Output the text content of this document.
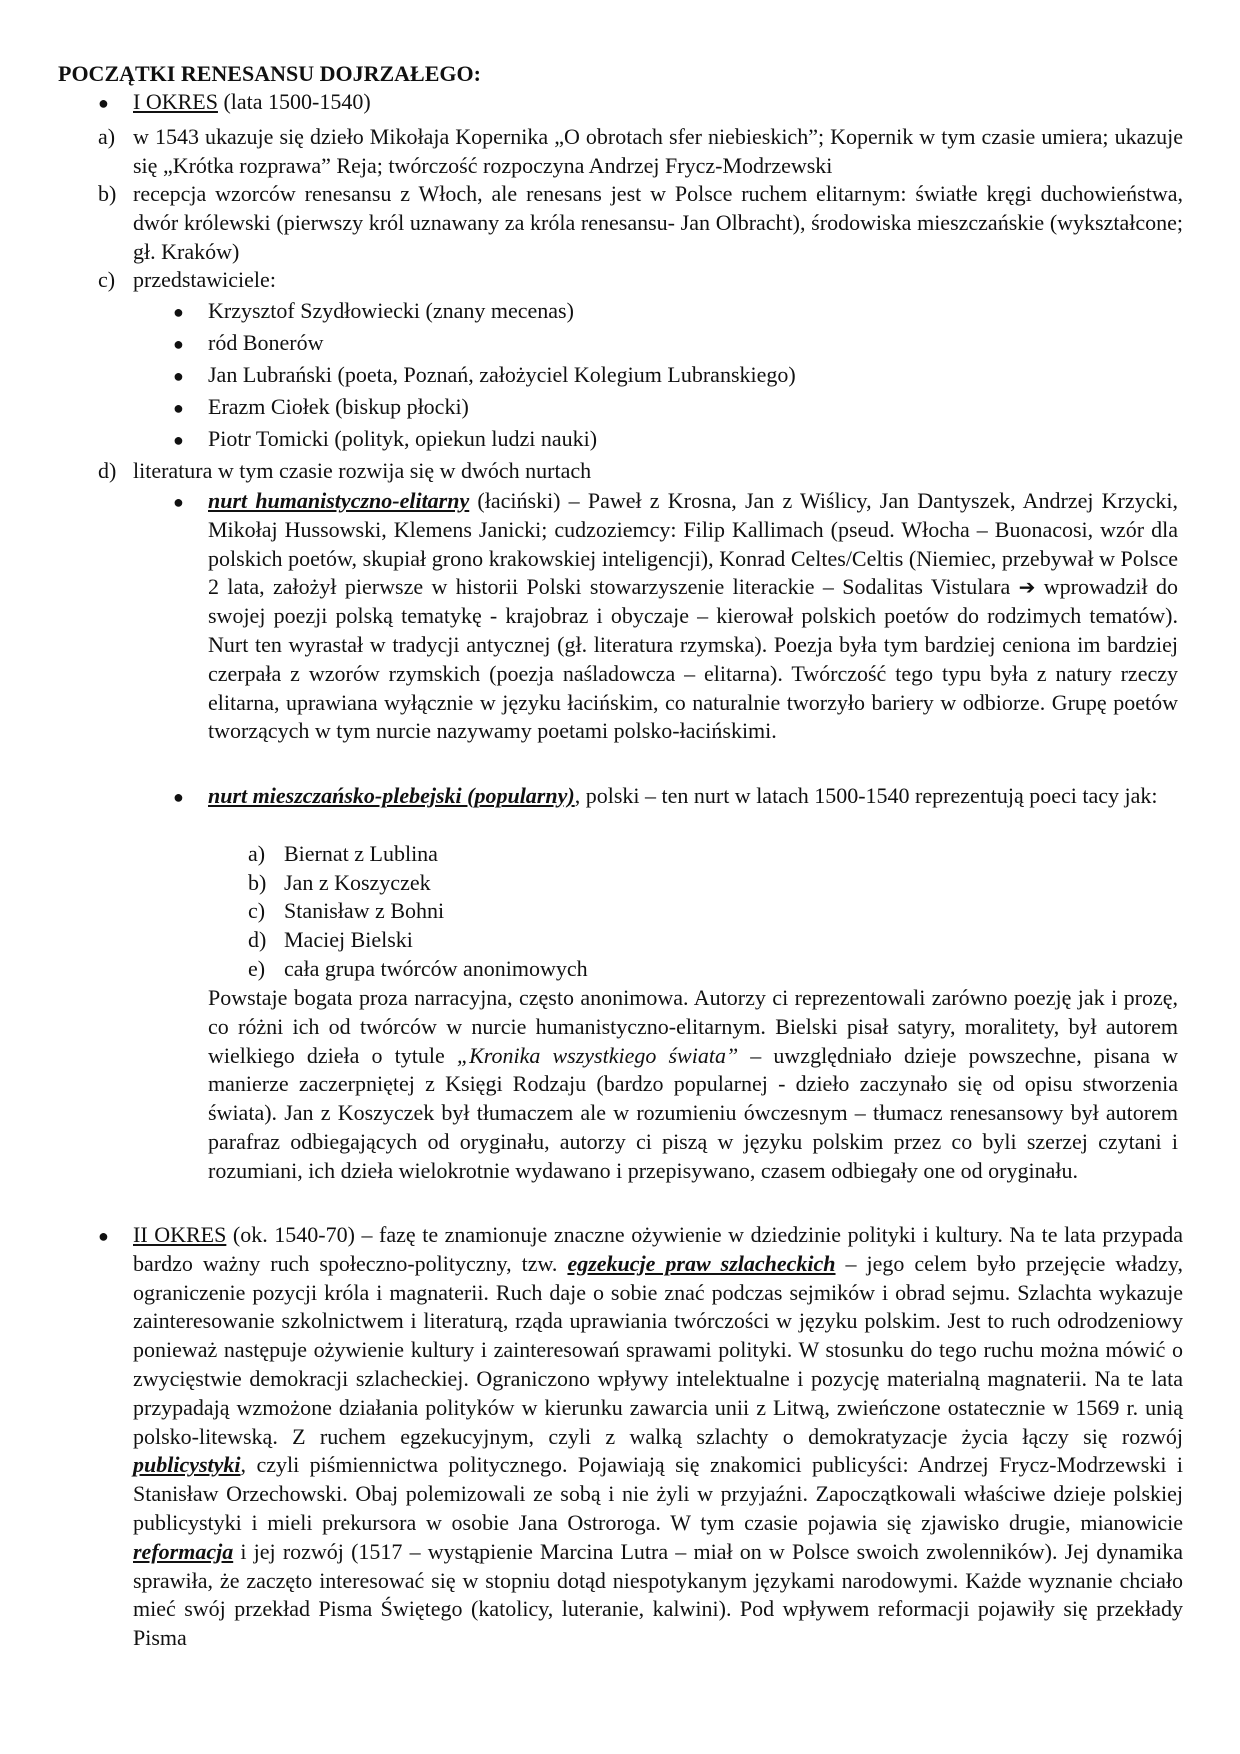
POCZĄTKI RENESANSU DOJRZAŁEGO:
● I OKRES (lata 1500-1540)
a) w 1543 ukazuje się dzieło Mikołaja Kopernika „O obrotach sfer niebieskich”; Kopernik w tym czasie umiera; ukazuje się „Krótka rozprawa” Reja; twórczość rozpoczyna Andrzej Frycz-Modrzewski
b) recepcja wzorców renesansu z Włoch, ale renesans jest w Polsce ruchem elitarnym: światłe kręgi duchowieństwa, dwór królewski (pierwszy król uznawany za króla renesansu- Jan Olbracht), środowiska mieszczańskie (wykształcone; gł. Kraków)
c) przedstawiciele:
● Krzysztof Szydłowiecki (znany mecenas)
● ród Bonerów
● Jan Lubrański (poeta, Poznań, założyciel Kolegium Lubranskiego)
● Erazm Ciołek (biskup płocki)
● Piotr Tomicki (polityk, opiekun ludzi nauki)
d) literatura w tym czasie rozwija się w dwóch nurtach
● nurt humanistyczno-elitarny (łaciński) – Paweł z Krosna, Jan z Wiślicy, Jan Dantyszek, Andrzej Krzycki, Mikołaj Hussowski, Klemens Janicki; cudzoziemcy: Filip Kallimach (pseud. Włocha – Buonacosi, wzór dla polskich poetów, skupiał grono krakowskiej inteligencji), Konrad Celtes/Celtis (Niemiec, przebywał w Polsce 2 lata, założył pierwsze w historii Polski stowarzyszenie literackie – Sodalitas Vistulara ➔ wprowadził do swojej poezji polską tematykę - krajobraz i obyczaje – kierował polskich poetów do rodzimych tematów). Nurt ten wyrastał w tradycji antycznej (gł. literatura rzymska). Poezja była tym bardziej ceniona im bardziej czerpała z wzorów rzymskich (poezja naśladowcza – elitarna). Twórczość tego typu była z natury rzeczy elitarna, uprawiana wyłącznie w języku łacińskim, co naturalnie tworzyło bariery w odbiorze. Grupę poetów tworzących w tym nurcie nazywamy poetami polsko-łacińskimi.
● nurt mieszczańsko-plebejski (popularny), polski – ten nurt w latach 1500-1540 reprezentują poeci tacy jak:
a) Biernat z Lublina
b) Jan z Koszyczek
c) Stanisław z Bohni
d) Maciej Bielski
e) cała grupa twórców anonimowych
Powstaje bogata proza narracyjna, często anonimowa. Autorzy ci reprezentowali zarówno poezję jak i prozę, co różni ich od twórców w nurcie humanistyczno-elitarnym. Bielski pisał satyry, moralitety, był autorem wielkiego dzieła o tytule „Kronika wszystkiego świata” – uwzględniało dzieje powszechne, pisana w manierze zaczerpniętej z Księgi Rodzaju (bardzo popularnej - dzieło zaczynało się od opisu stworzenia świata). Jan z Koszyczek był tłumaczem ale w rozumieniu ówczesnym – tłumacz renesansowy był autorem parafraz odbiegających od oryginału, autorzy ci piszą w języku polskim przez co byli szerzej czytani i rozumiani, ich dzieła wielokrotnie wydawano i przepisywano, czasem odbiegały one od oryginału.
● II OKRES (ok. 1540-70) – fazę te znamionuje znaczne ożywienie w dziedzinie polityki i kultury. Na te lata przypada bardzo ważny ruch społeczno-polityczny, tzw. egzekucje praw szlacheckich – jego celem było przejęcie władzy, ograniczenie pozycji króla i magnaterii. Ruch daje o sobie znać podczas sejmików i obrad sejmu. Szlachta wykazuje zainteresowanie szkolnictwem i literaturą, rząda uprawiania twórczości w języku polskim. Jest to ruch odrodzeniowy ponieważ następuje ożywienie kultury i zainteresowań sprawami polityki. W stosunku do tego ruchu można mówić o zwycięstwie demokracji szlacheckiej. Ograniczono wpływy intelektualne i pozycję materialną magnaterii. Na te lata przypadają wzmożone działania polityków w kierunku zawarcia unii z Litwą, zwieńczone ostatecznie w 1569 r. unią polsko-litewską. Z ruchem egzekucyjnym, czyli z walką szlachty o demokratyzacje życia łączy się rozwój publicystyki, czyli piśmiennictwa politycznego. Pojawiają się znakomici publicyści: Andrzej Frycz-Modrzewski i Stanisław Orzechowski. Obaj polemizowali ze sobą i nie żyli w przyjaźni. Zapoczątkowali właściwe dzieje polskiej publicystyki i mieli prekursora w osobie Jana Ostroroga. W tym czasie pojawia się zjawisko drugie, mianowicie reformacja i jej rozwój (1517 – wystąpienie Marcina Lutra – miał on w Polsce swoich zwolenników). Jej dynamika sprawiła, że zaczęto interesować się w stopniu dotąd niespotykanym językami narodowymi. Każde wyznanie chciało mieć swój przekład Pisma Świętego (katolicy, luteranie, kalwini). Pod wpływem reformacji pojawiły się przekłady Pisma
